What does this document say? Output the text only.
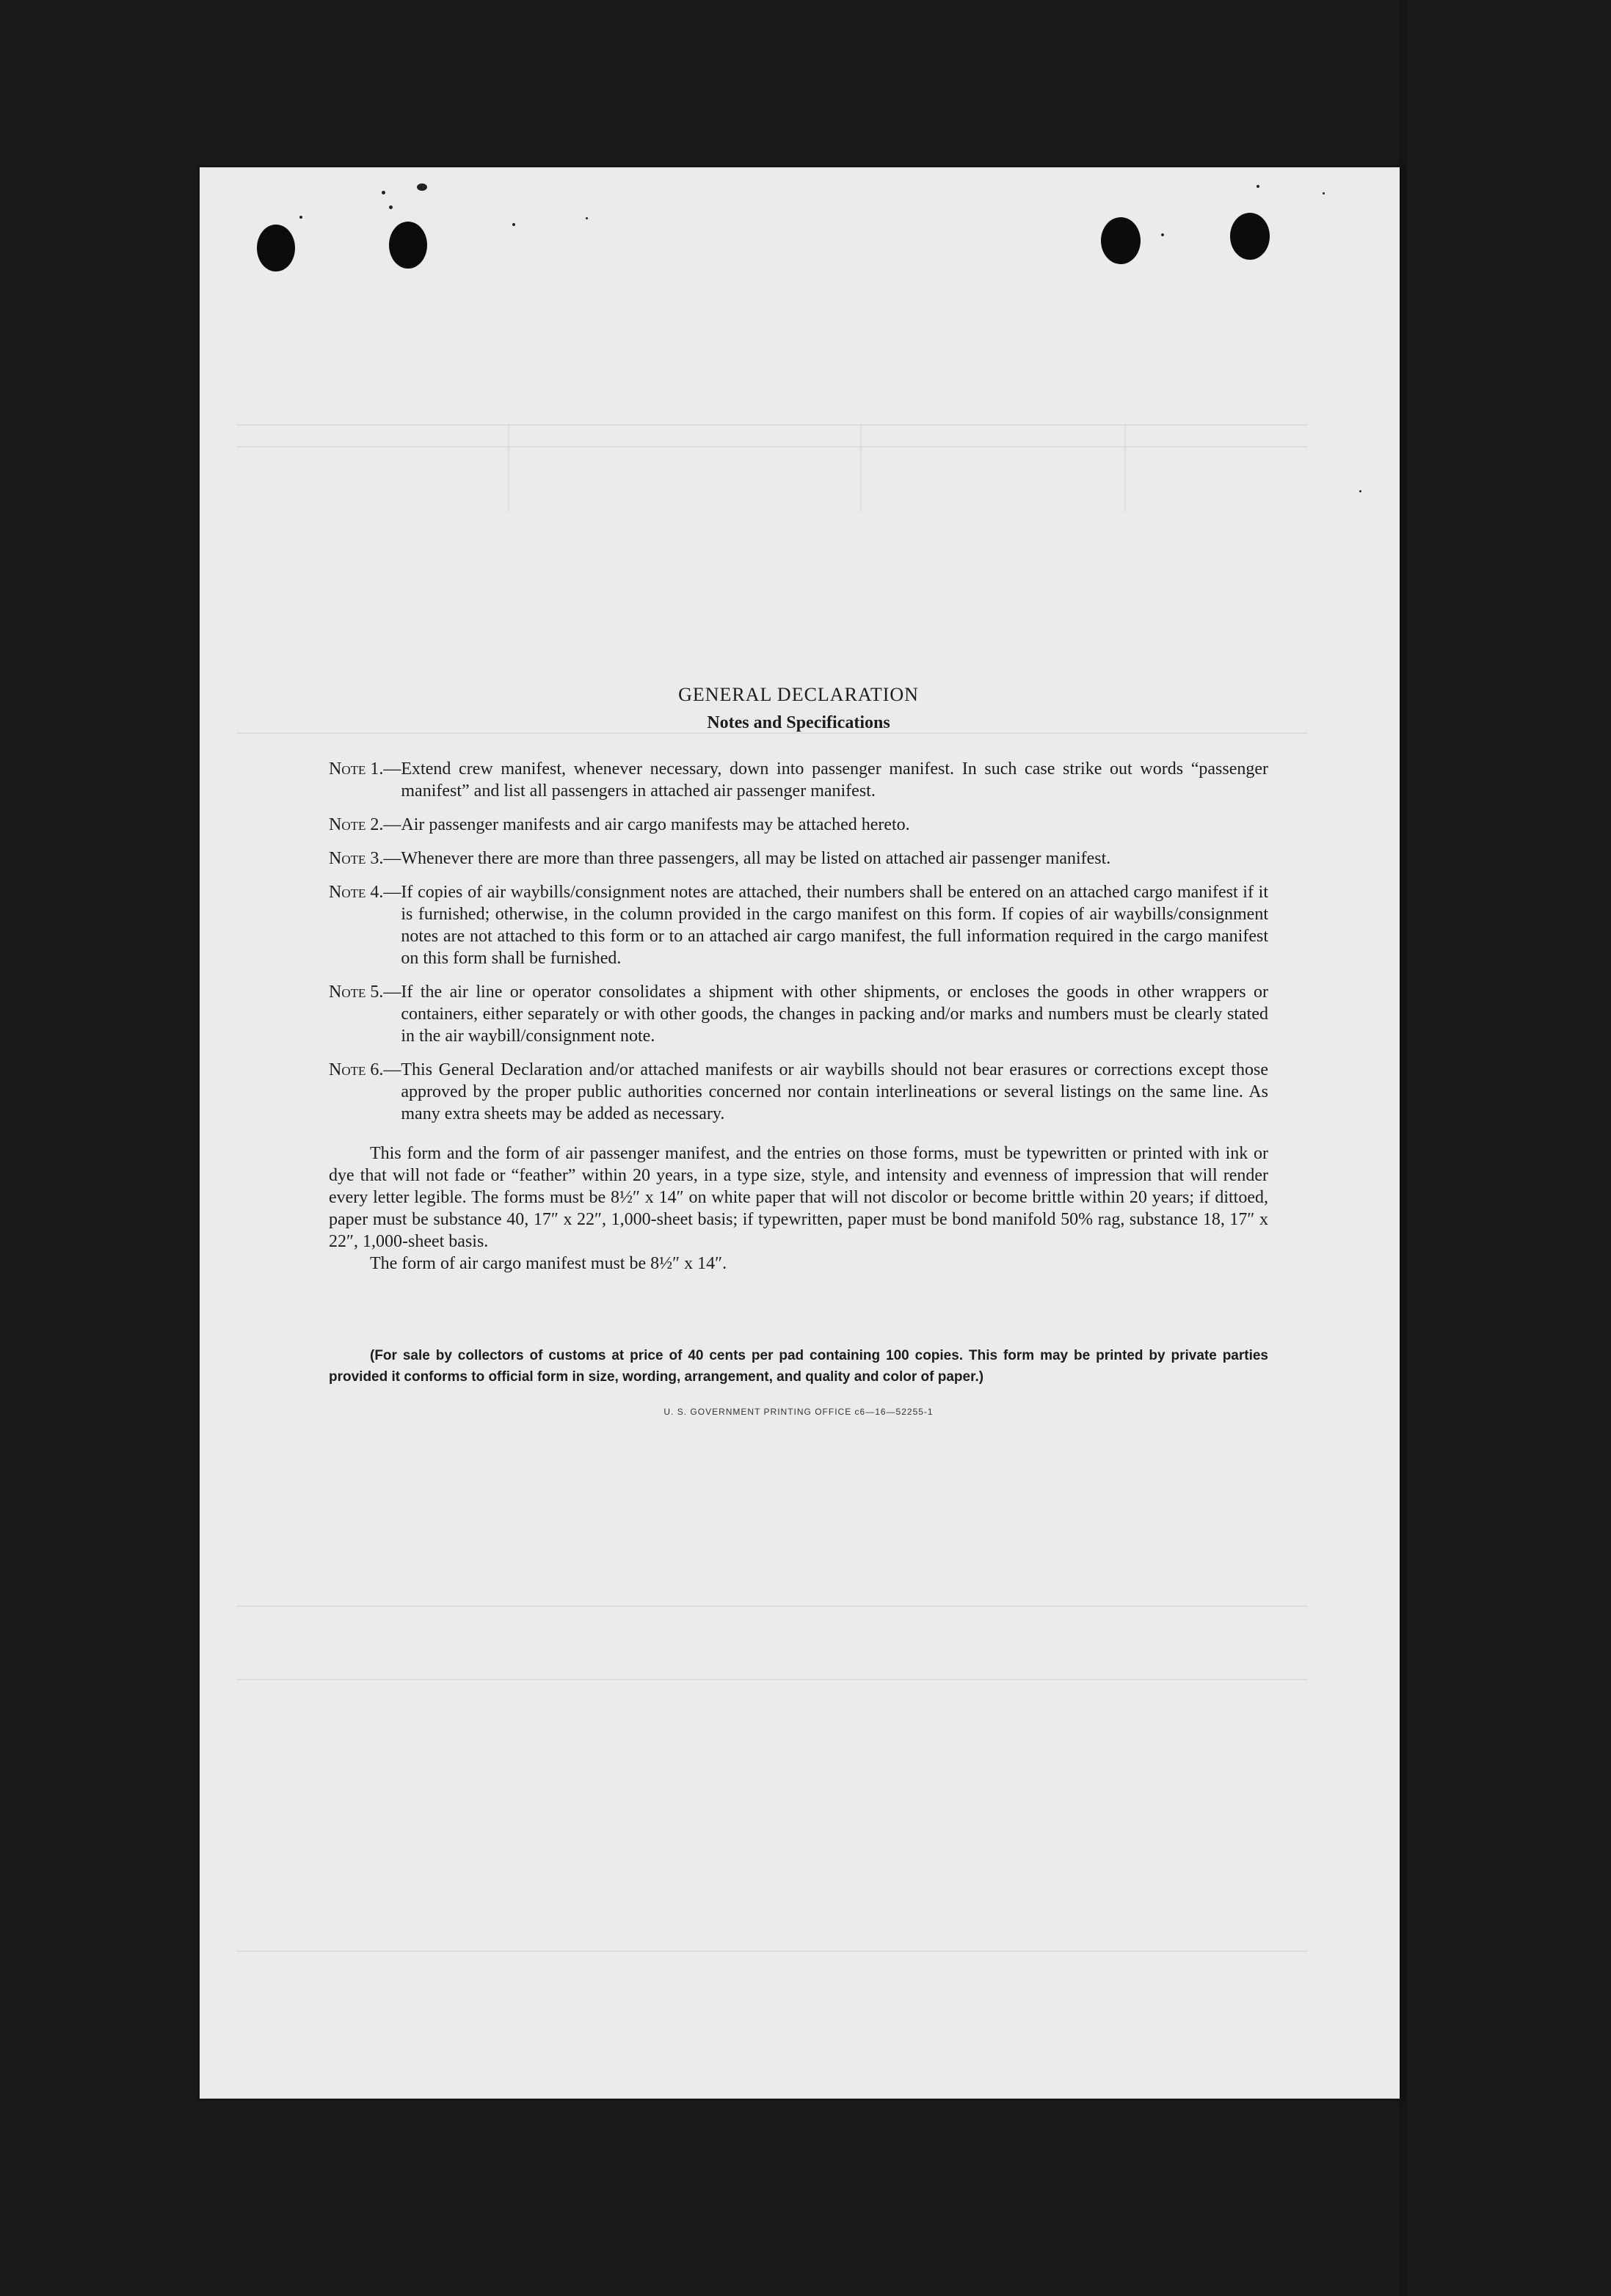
GENERAL DECLARATION
Notes and Specifications
Note 1.— Extend crew manifest, whenever necessary, down into passenger manifest. In such case strike out words “passenger manifest” and list all passengers in attached air passenger manifest.
Note 2.— Air passenger manifests and air cargo manifests may be attached hereto.
Note 3.— Whenever there are more than three passengers, all may be listed on attached air passenger manifest.
Note 4.— If copies of air waybills/consignment notes are attached, their numbers shall be entered on an attached cargo manifest if it is furnished; otherwise, in the column provided in the cargo manifest on this form. If copies of air waybills/consignment notes are not attached to this form or to an attached air cargo manifest, the full information required in the cargo manifest on this form shall be furnished.
Note 5.— If the air line or operator consolidates a shipment with other shipments, or encloses the goods in other wrappers or containers, either separately or with other goods, the changes in packing and/or marks and numbers must be clearly stated in the air waybill/consignment note.
Note 6.— This General Declaration and/or attached manifests or air waybills should not bear erasures or corrections except those approved by the proper public authorities concerned nor contain interlineations or several listings on the same line. As many extra sheets may be added as necessary.

This form and the form of air passenger manifest, and the entries on those forms, must be typewritten or printed with ink or dye that will not fade or “feather” within 20 years, in a type size, style, and intensity and evenness of impression that will render every letter legible. The forms must be 8½″ x 14″ on white paper that will not discolor or become brittle within 20 years; if dittoed, paper must be substance 40, 17″ x 22″, 1,000-sheet basis; if typewritten, paper must be bond manifold 50% rag, substance 18, 17″ x 22″, 1,000-sheet basis.

The form of air cargo manifest must be 8½″ x 14″.

(For sale by collectors of customs at price of 40 cents per pad containing 100 copies. This form may be printed by private parties provided it conforms to official form in size, wording, arrangement, and quality and color of paper.)

U. S. GOVERNMENT PRINTING OFFICE c6—16—52255-1
